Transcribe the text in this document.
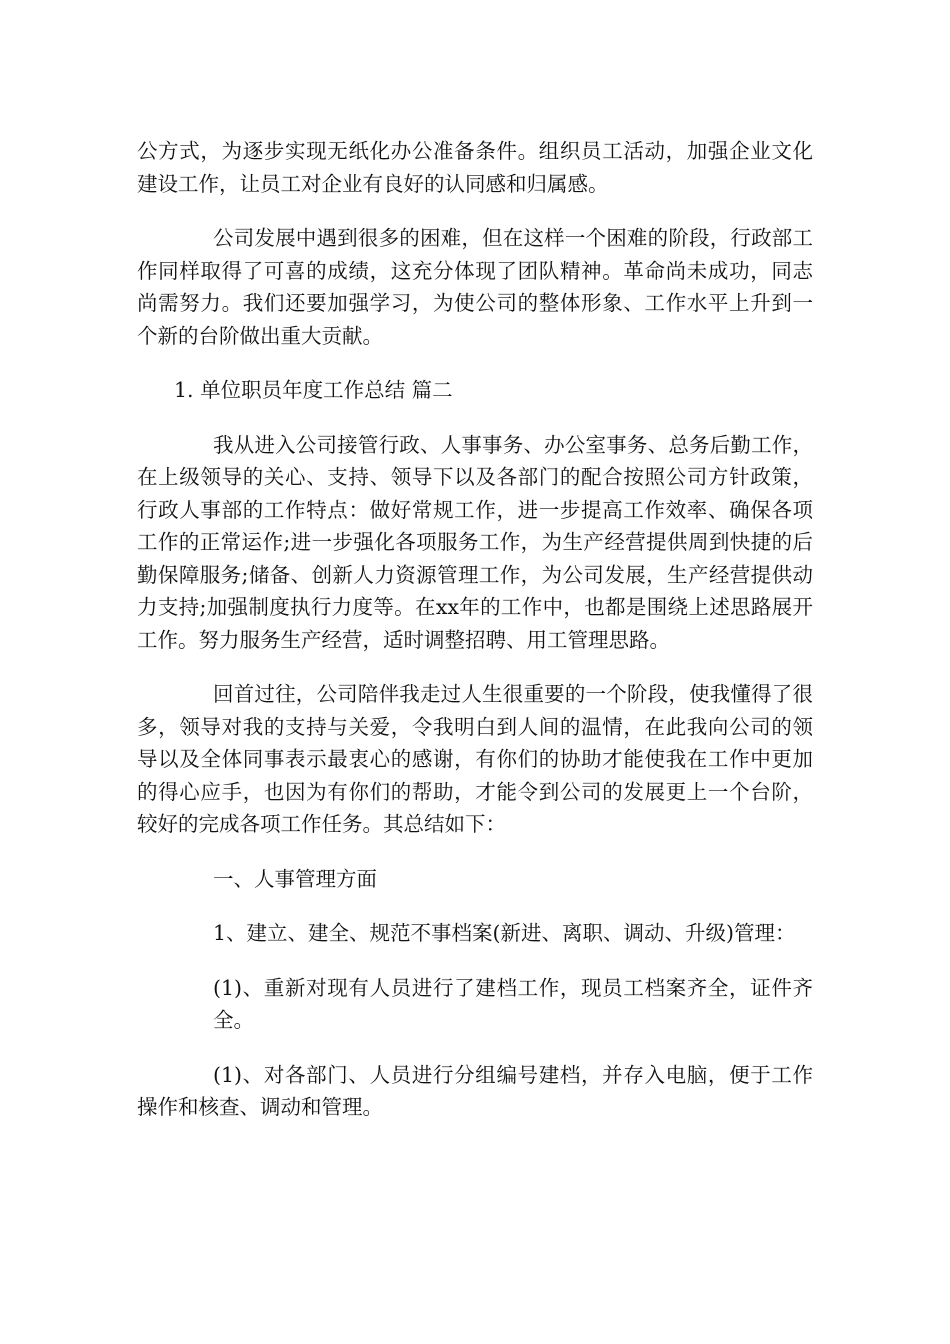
公方式，为逐步实现无纸化办公准备条件。组织员工活动，加强企业文化建设工作，让员工对企业有良好的认同感和归属感。

公司发展中遇到很多的困难，但在这样一个困难的阶段，行政部工作同样取得了可喜的成绩，这充分体现了团队精神。革命尚未成功，同志尚需努力。我们还要加强学习，为使公司的整体形象、工作水平上升到一个新的台阶做出重大贡献。

1. 单位职员年度工作总结 篇二

我从进入公司接管行政、人事事务、办公室事务、总务后勤工作，在上级领导的关心、支持、领导下以及各部门的配合按照公司方针政策，行政人事部的工作特点：做好常规工作，进一步提高工作效率、确保各项工作的正常运作;进一步强化各项服务工作，为生产经营提供周到快捷的后勤保障服务;储备、创新人力资源管理工作，为公司发展，生产经营提供动力支持;加强制度执行力度等。在xx年的工作中，也都是围绕上述思路展开工作。努力服务生产经营，适时调整招聘、用工管理思路。

回首过往，公司陪伴我走过人生很重要的一个阶段，使我懂得了很多，领导对我的支持与关爱，令我明白到人间的温情，在此我向公司的领导以及全体同事表示最衷心的感谢，有你们的协助才能使我在工作中更加的得心应手，也因为有你们的帮助，才能令到公司的发展更上一个台阶，较好的完成各项工作任务。其总结如下：

一、人事管理方面

1、建立、建全、规范不事档案(新进、离职、调动、升级)管理：

(1)、重新对现有人员进行了建档工作，现员工档案齐全，证件齐全。

(1)、对各部门、人员进行分组编号建档，并存入电脑，便于工作操作和核查、调动和管理。
